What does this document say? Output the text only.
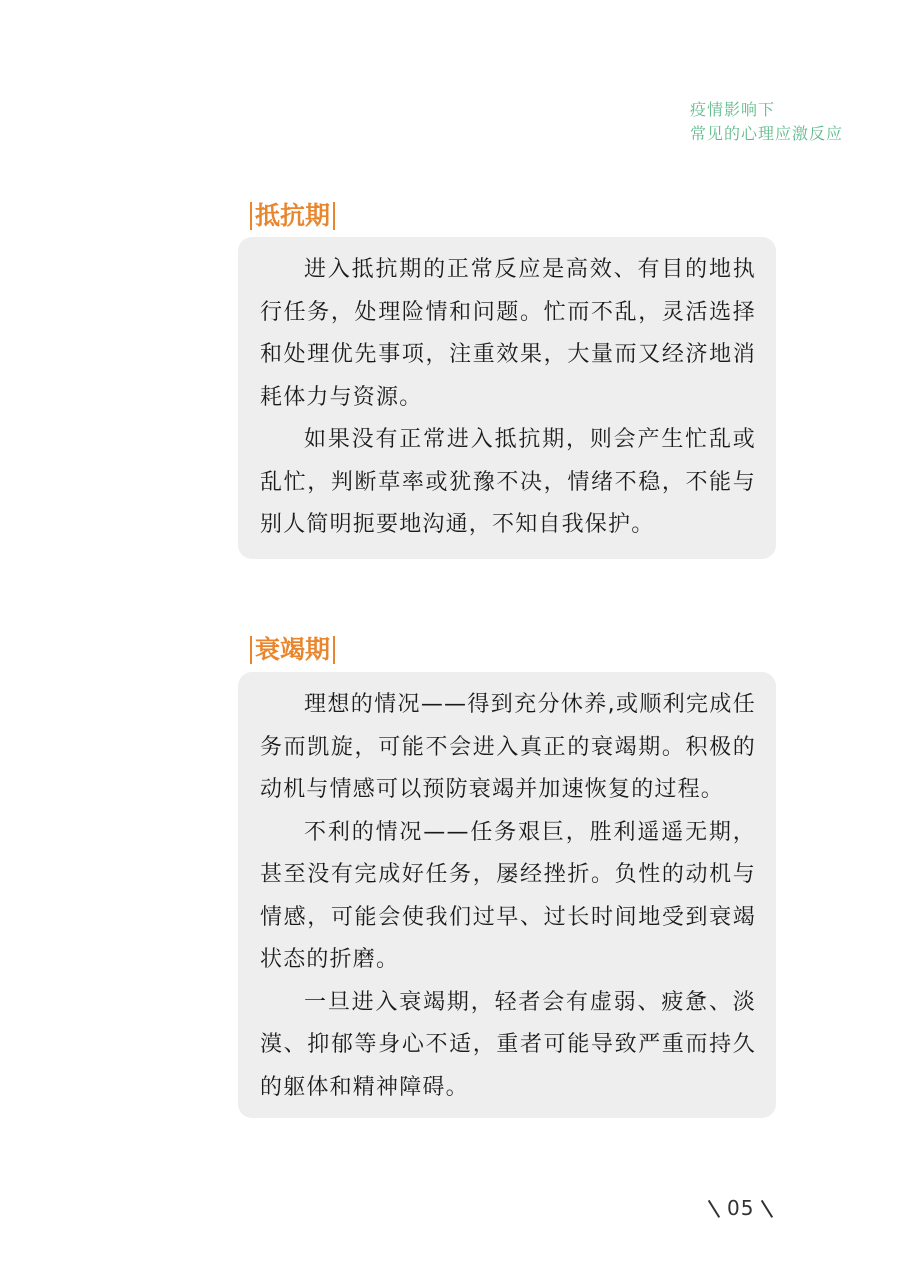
疫情影响下
常见的心理应激反应
抵抗期

进入抵抗期的正常反应是高效、有目的地执行任务，处理险情和问题。忙而不乱，灵活选择和处理优先事项，注重效果，大量而又经济地消耗体力与资源。

如果没有正常进入抵抗期，则会产生忙乱或乱忙，判断草率或犹豫不决，情绪不稳，不能与别人简明扼要地沟通，不知自我保护。

衰竭期

理想的情况——得到充分休养,或顺利完成任务而凯旋，可能不会进入真正的衰竭期。积极的动机与情感可以预防衰竭并加速恢复的过程。

不利的情况——任务艰巨，胜利遥遥无期，甚至没有完成好任务，屡经挫折。负性的动机与情感，可能会使我们过早、过长时间地受到衰竭状态的折磨。

一旦进入衰竭期，轻者会有虚弱、疲惫、淡漠、抑郁等身心不适，重者可能导致严重而持久的躯体和精神障碍。

05
